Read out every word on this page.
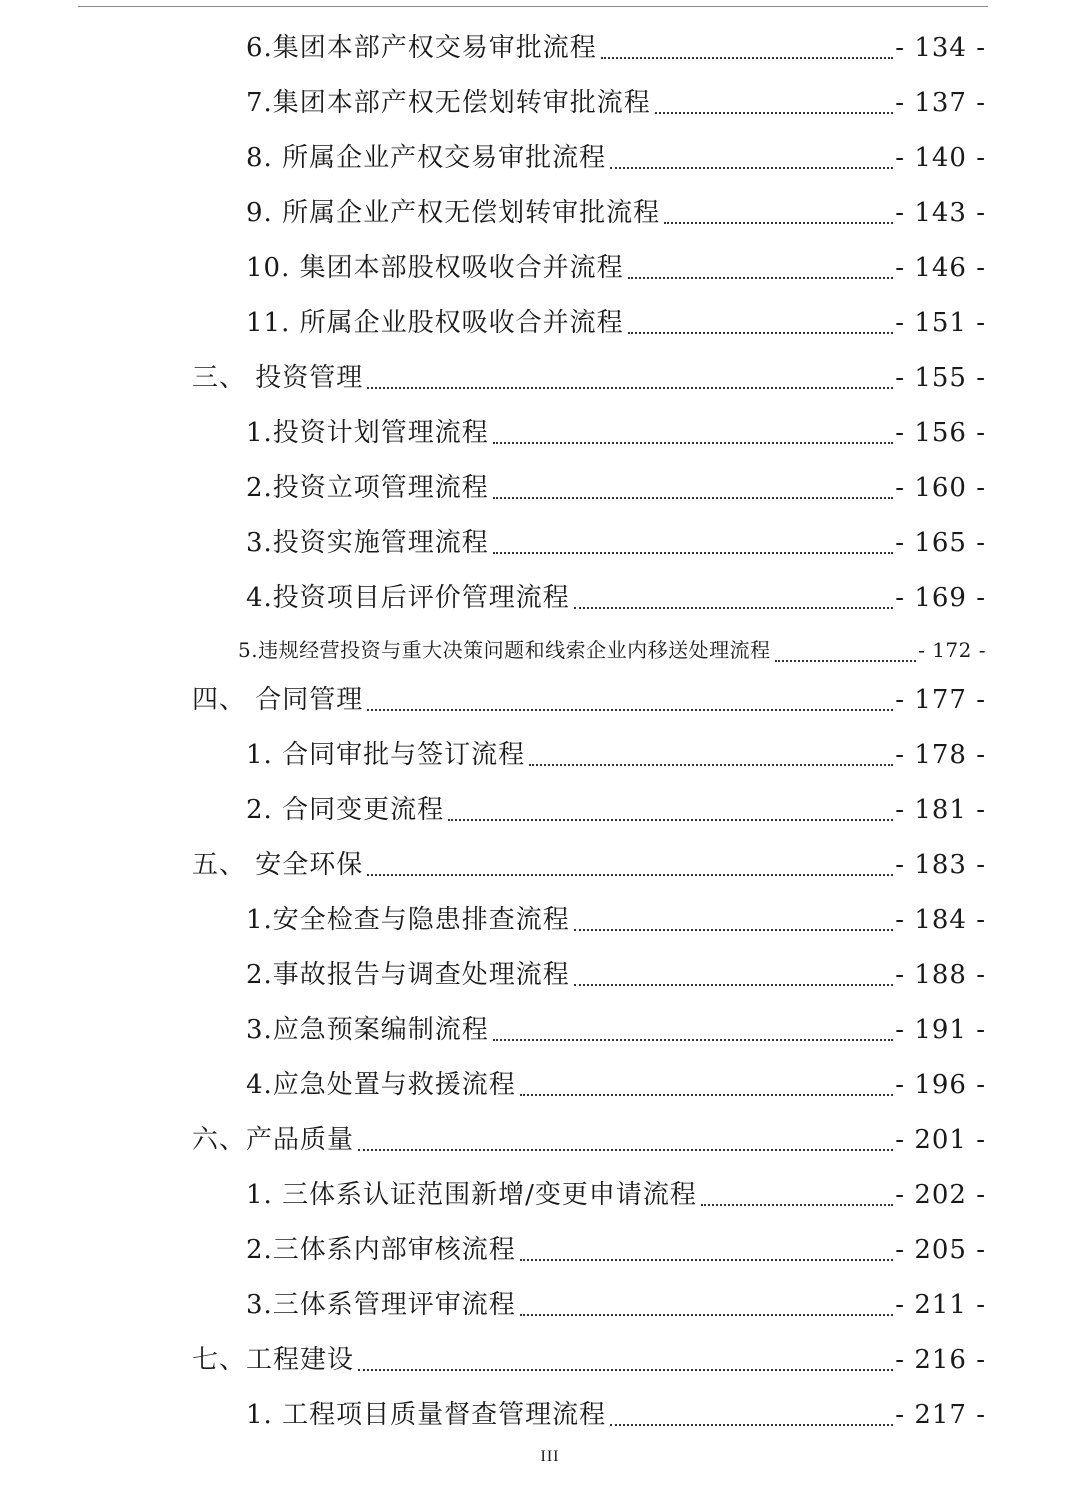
6.集团本部产权交易审批流程	- 134 -
7.集团本部产权无偿划转审批流程	- 137 -
8. 所属企业产权交易审批流程	- 140 -
9. 所属企业产权无偿划转审批流程	- 143 -
10. 集团本部股权吸收合并流程	- 146 -
11. 所属企业股权吸收合并流程	- 151 -
三、 投资管理	- 155 -
1.投资计划管理流程	- 156 -
2.投资立项管理流程	- 160 -
3.投资实施管理流程	- 165 -
4.投资项目后评价管理流程	- 169 -
5.违规经营投资与重大决策问题和线索企业内移送处理流程	- 172 -
四、 合同管理	- 177 -
1. 合同审批与签订流程	- 178 -
2. 合同变更流程	- 181 -
五、 安全环保	- 183 -
1.安全检查与隐患排查流程	- 184 -
2.事故报告与调查处理流程	- 188 -
3.应急预案编制流程	- 191 -
4.应急处置与救援流程	- 196 -
六、产品质量	- 201 -
1. 三体系认证范围新增/变更申请流程	- 202 -
2.三体系内部审核流程	- 205 -
3.三体系管理评审流程	- 211 -
七、工程建设	- 216 -
1. 工程项目质量督查管理流程	- 217 -
III
